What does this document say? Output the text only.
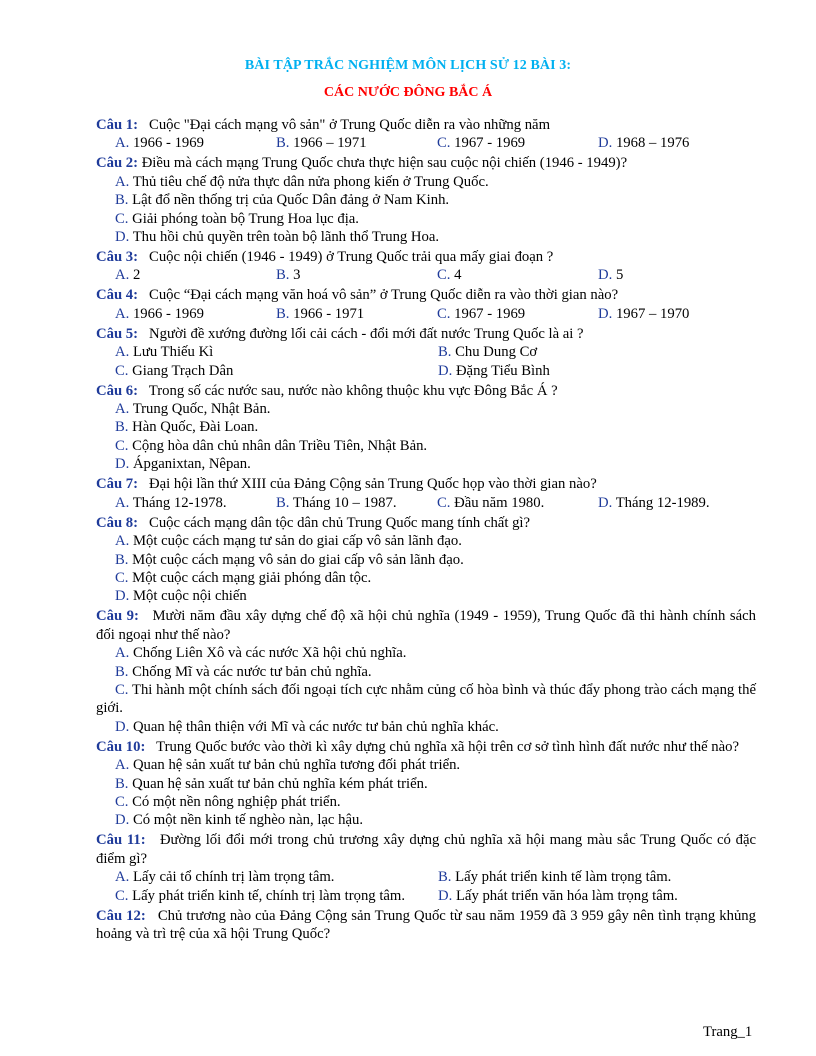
BÀI TẬP TRẮC NGHIỆM MÔN LỊCH SỬ 12 BÀI 3:
CÁC NƯỚC ĐÔNG BẮC Á
Câu 1: Cuộc "Đại cách mạng vô sản" ở Trung Quốc diễn ra vào những năm
A. 1966 - 1969	B. 1966 – 1971	C. 1967 - 1969	D. 1968 – 1976
Câu 2: Điều mà cách mạng Trung Quốc chưa thực hiện sau cuộc nội chiến (1946 - 1949)?
A. Thủ tiêu chế độ nửa thực dân nửa phong kiến ở Trung Quốc.
B. Lật đổ nền thống trị của Quốc Dân đảng ở Nam Kinh.
C. Giải phóng toàn bộ Trung Hoa lục địa.
D. Thu hồi chủ quyền trên toàn bộ lãnh thổ Trung Hoa.
Câu 3: Cuộc nội chiến (1946 - 1949) ở Trung Quốc trải qua mấy giai đoạn ?
A. 2	B. 3	C. 4	D. 5
Câu 4: Cuộc “Đại cách mạng văn hoá vô sản” ở Trung Quốc diễn ra vào thời gian nào?
A. 1966 - 1969	B. 1966 - 1971	C. 1967 - 1969	D. 1967 – 1970
Câu 5: Người đề xướng đường lối cải cách - đổi mới đất nước Trung Quốc là ai ?
A. Lưu Thiếu Kì	B. Chu Dung Cơ
C. Giang Trạch Dân	D. Đặng Tiểu Bình
Câu 6: Trong số các nước sau, nước nào không thuộc khu vực Đông Bắc Á ?
A. Trung Quốc, Nhật Bản.
B. Hàn Quốc, Đài Loan.
C. Cộng hòa dân chủ nhân dân Triều Tiên, Nhật Bản.
D. Ápganixtan, Nêpan.
Câu 7: Đại hội lần thứ XIII của Đảng Cộng sản Trung Quốc họp vào thời gian nào?
A. Tháng 12-1978.	B. Tháng 10 – 1987.	C. Đầu năm 1980.	D. Tháng 12-1989.
Câu 8: Cuộc cách mạng dân tộc dân chủ Trung Quốc mang tính chất gì?
A. Một cuộc cách mạng tư sản do giai cấp vô sản lãnh đạo.
B. Một cuộc cách mạng vô sản do giai cấp vô sản lãnh đạo.
C. Một cuộc cách mạng giải phóng dân tộc.
D. Một cuộc nội chiến
Câu 9: Mười năm đầu xây dựng chế độ xã hội chủ nghĩa (1949 - 1959), Trung Quốc đã thi hành chính sách đối ngoại như thế nào?
A. Chống Liên Xô và các nước Xã hội chủ nghĩa.
B. Chống Mĩ và các nước tư bản chủ nghĩa.
C. Thi hành một chính sách đối ngoại tích cực nhằm củng cố hòa bình và thúc đẩy phong trào cách mạng thế giới.
D. Quan hệ thân thiện với Mĩ và các nước tư bản chủ nghĩa khác.
Câu 10: Trung Quốc bước vào thời kì xây dựng chủ nghĩa xã hội trên cơ sở tình hình đất nước như thế nào?
A. Quan hệ sản xuất tư bản chủ nghĩa tương đối phát triển.
B. Quan hệ sản xuất tư bản chủ nghĩa kém phát triển.
C. Có một nền nông nghiệp phát triển.
D. Có một nền kinh tế nghèo nàn, lạc hậu.
Câu 11: Đường lối đổi mới trong chủ trương xây dựng chủ nghĩa xã hội mang màu sắc Trung Quốc có đặc điểm gì?
A. Lấy cải tổ chính trị làm trọng tâm.	B. Lấy phát triển kinh tế làm trọng tâm.
C. Lấy phát triển kinh tế, chính trị làm trọng tâm.	D. Lấy phát triển văn hóa làm trọng tâm.
Câu 12: Chủ trương nào của Đảng Cộng sản Trung Quốc từ sau năm 1959 đã 3 959 gây nên tình trạng khủng hoảng và trì trệ của xã hội Trung Quốc?
Trang_1
